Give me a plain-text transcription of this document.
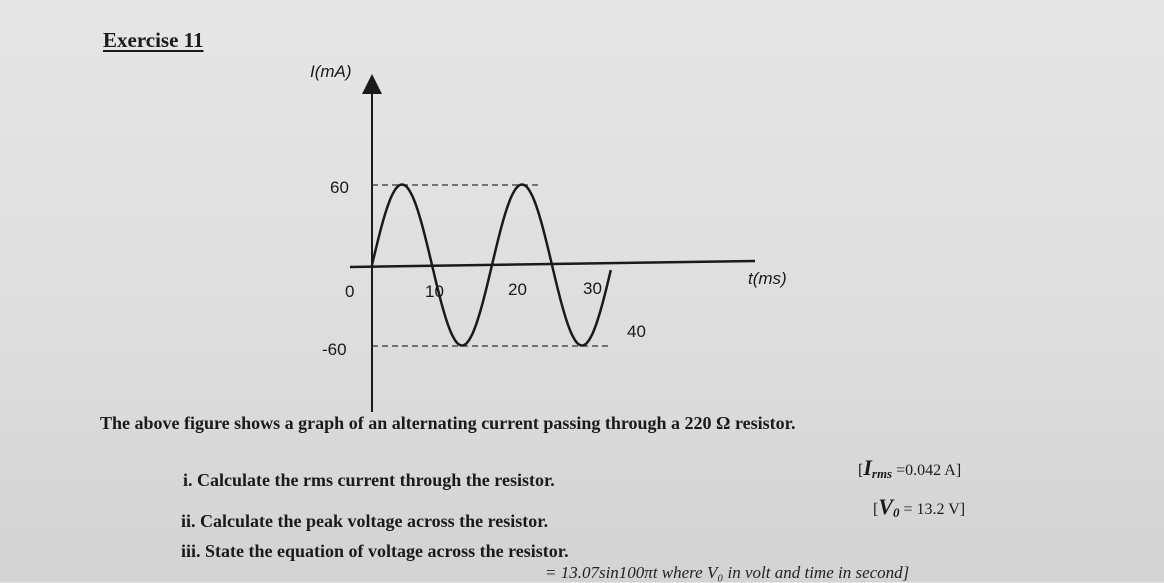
Exercise 11
I(mA)
t(ms)
60
-60
0	10	20	30
40
The above figure shows a graph of an alternating current passing through a 220 Ω resistor.
i. Calculate the rms current through the resistor.
ii. Calculate the peak voltage across the resistor.
iii. State the equation of voltage across the resistor.
[$I_{rms} =0.042$ A]
[$V_0 = 13.2$ V]
= 13.07sin100πt where V₀ in volt and time in second]
